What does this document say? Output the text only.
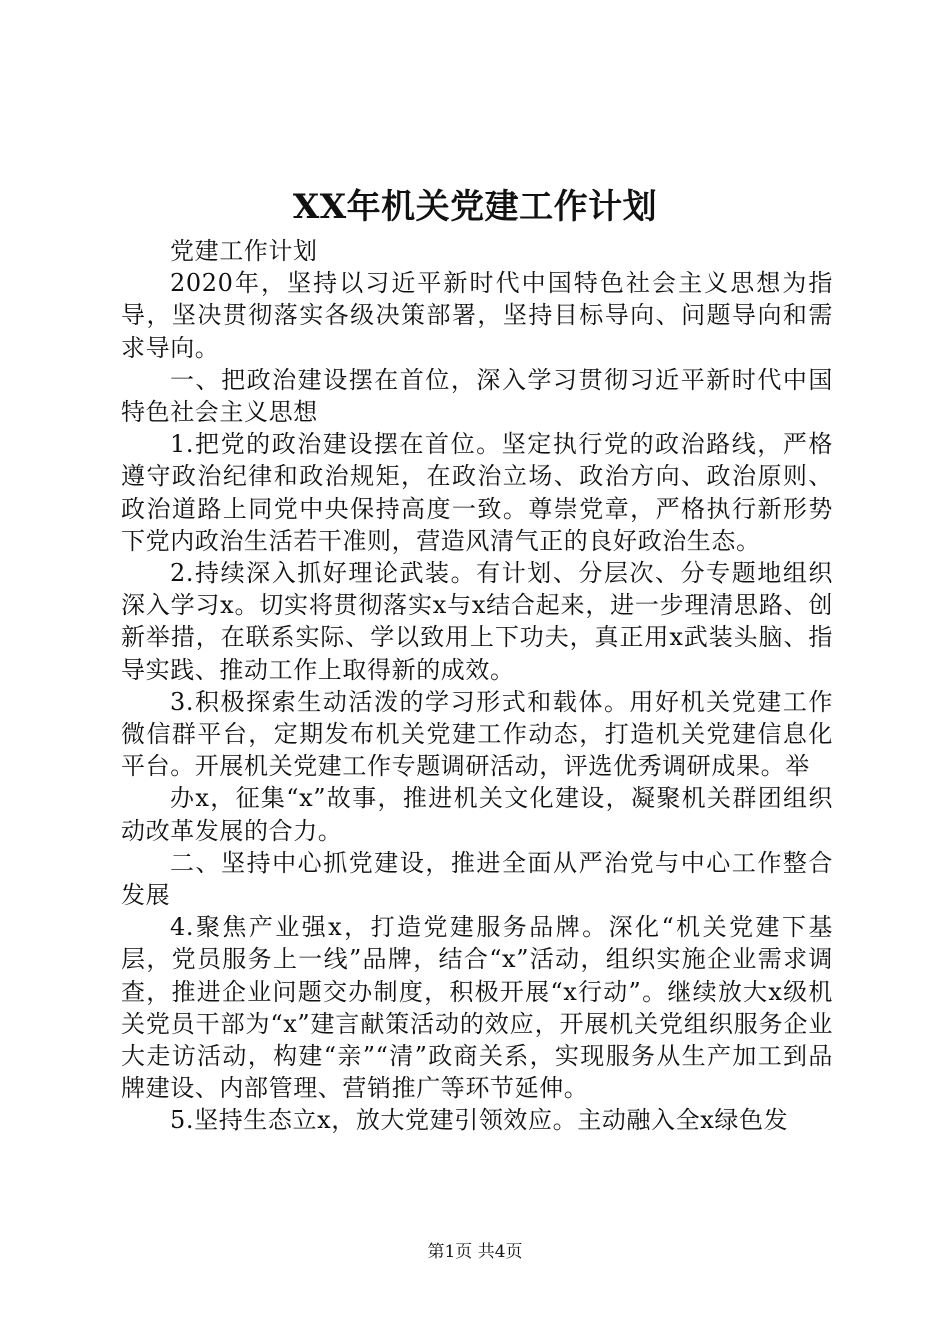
XX年机关党建工作计划

党建工作计划

2020年，坚持以习近平新时代中国特色社会主义思想为指导，坚决贯彻落实各级决策部署，坚持目标导向、问题导向和需求导向。

一、把政治建设摆在首位，深入学习贯彻习近平新时代中国特色社会主义思想

1.把党的政治建设摆在首位。坚定执行党的政治路线，严格遵守政治纪律和政治规矩，在政治立场、政治方向、政治原则、政治道路上同党中央保持高度一致。尊崇党章，严格执行新形势下党内政治生活若干准则，营造风清气正的良好政治生态。

2.持续深入抓好理论武装。有计划、分层次、分专题地组织深入学习x。切实将贯彻落实x与x结合起来，进一步理清思路、创新举措，在联系实际、学以致用上下功夫，真正用x武装头脑、指导实践、推动工作上取得新的成效。

3.积极探索生动活泼的学习形式和载体。用好机关党建工作微信群平台，定期发布机关党建工作动态，打造机关党建信息化平台。开展机关党建工作专题调研活动，评选优秀调研成果。举

办x，征集“x”故事，推进机关文化建设，凝聚机关群团组织动改革发展的合力。

二、坚持中心抓党建设，推进全面从严治党与中心工作整合发展

4.聚焦产业强x，打造党建服务品牌。深化“机关党建下基层，党员服务上一线”品牌，结合“x”活动，组织实施企业需求调查，推进企业问题交办制度，积极开展“x行动”。继续放大x级机关党员干部为“x”建言献策活动的效应，开展机关党组织服务企业大走访活动，构建“亲”“清”政商关系，实现服务从生产加工到品牌建设、内部管理、营销推广等环节延伸。

5.坚持生态立x，放大党建引领效应。主动融入全x绿色发

第1页 共4页
